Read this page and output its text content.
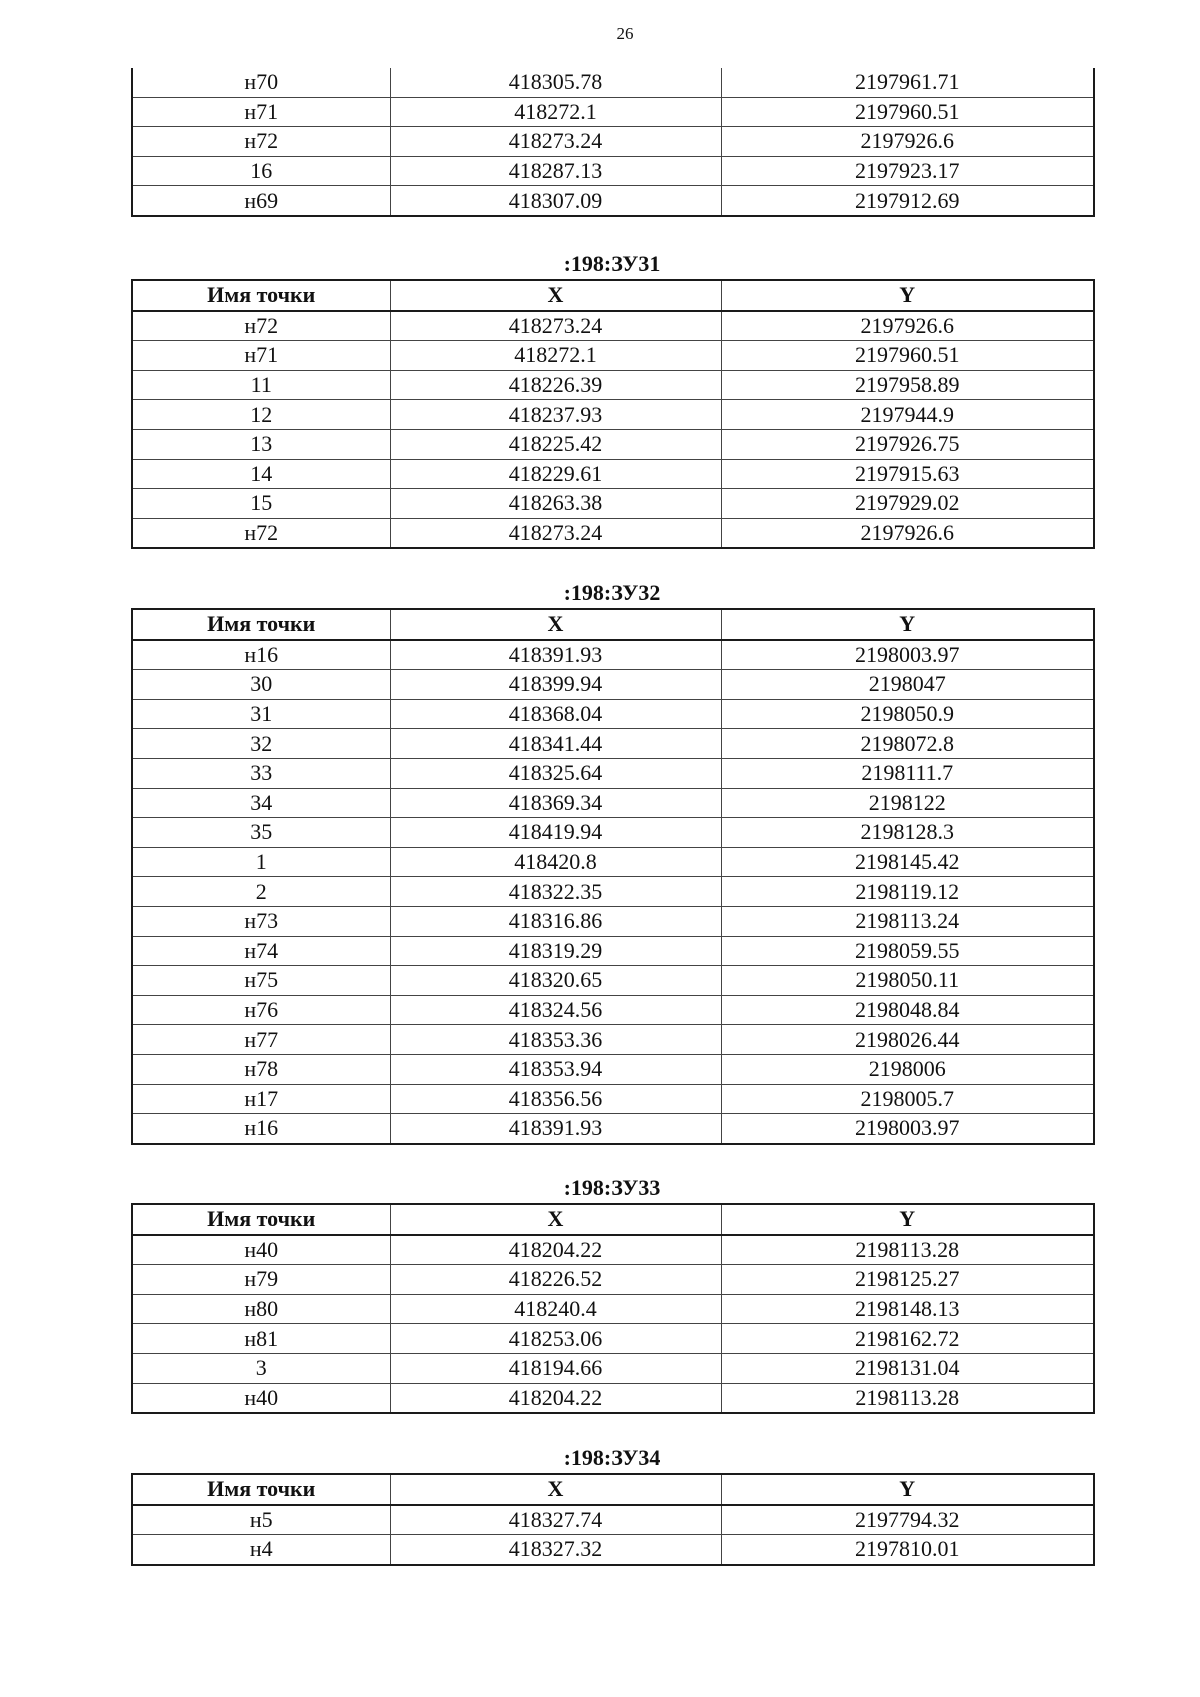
26
н70	418305.78	2197961.71
н71	418272.1	2197960.51
н72	418273.24	2197926.6
16	418287.13	2197923.17
н69	418307.09	2197912.69
:198:ЗУ31
Имя точки	X	Y
н72	418273.24	2197926.6
н71	418272.1	2197960.51
11	418226.39	2197958.89
12	418237.93	2197944.9
13	418225.42	2197926.75
14	418229.61	2197915.63
15	418263.38	2197929.02
н72	418273.24	2197926.6
:198:ЗУ32
Имя точки	X	Y
н16	418391.93	2198003.97
30	418399.94	2198047
31	418368.04	2198050.9
32	418341.44	2198072.8
33	418325.64	2198111.7
34	418369.34	2198122
35	418419.94	2198128.3
1	418420.8	2198145.42
2	418322.35	2198119.12
н73	418316.86	2198113.24
н74	418319.29	2198059.55
н75	418320.65	2198050.11
н76	418324.56	2198048.84
н77	418353.36	2198026.44
н78	418353.94	2198006
н17	418356.56	2198005.7
н16	418391.93	2198003.97
:198:ЗУ33
Имя точки	X	Y
н40	418204.22	2198113.28
н79	418226.52	2198125.27
н80	418240.4	2198148.13
н81	418253.06	2198162.72
3	418194.66	2198131.04
н40	418204.22	2198113.28
:198:ЗУ34
Имя точки	X	Y
н5	418327.74	2197794.32
н4	418327.32	2197810.01
